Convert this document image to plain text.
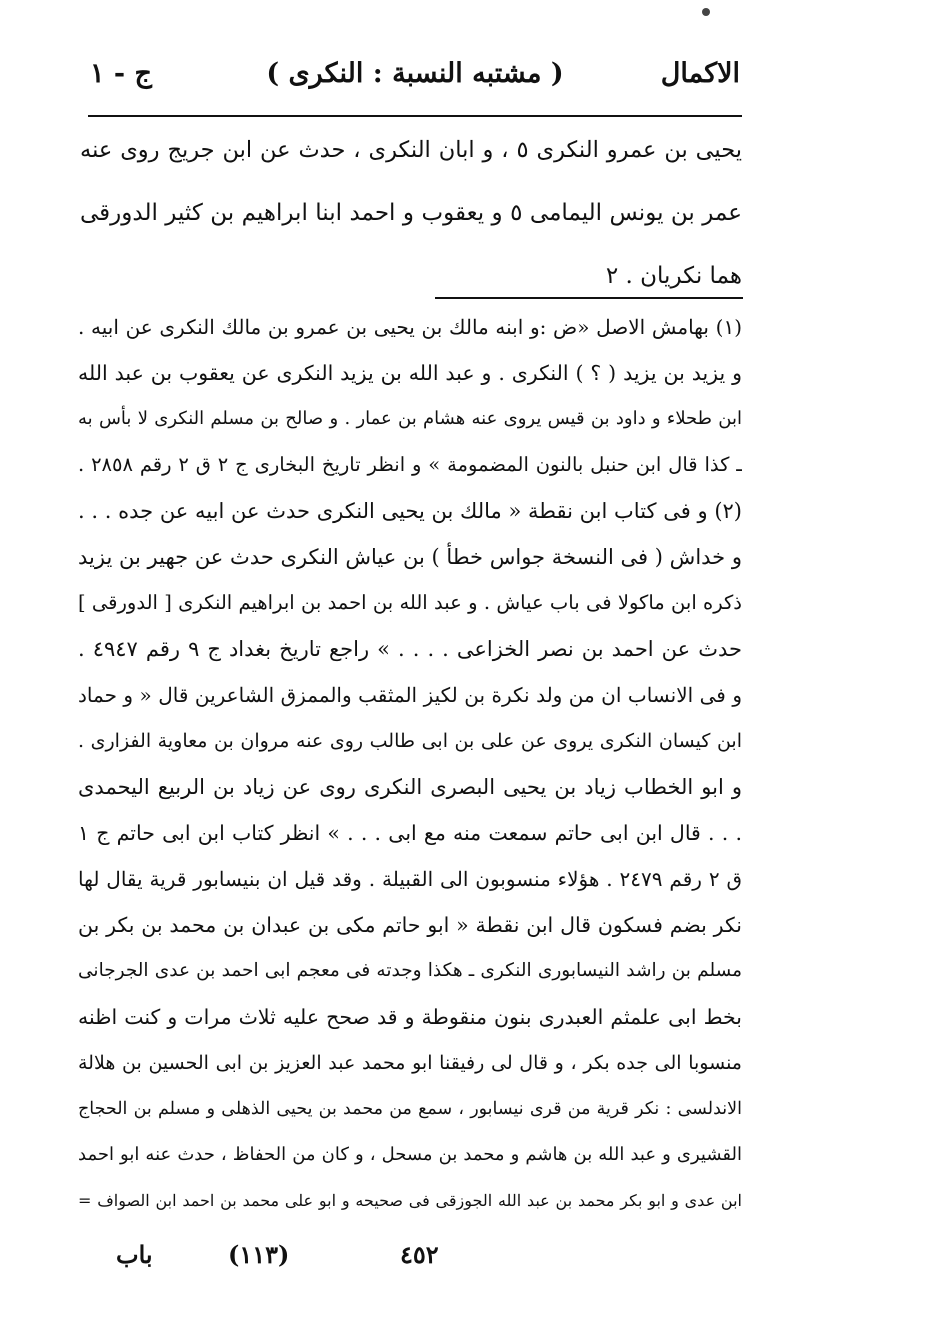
الاكمال
( مشتبه النسبة : النكرى )
ج - ١
يحيى بن عمرو النكرى ٥ ، و ابان النكرى ، حدث عن ابن جريج روى عنه
عمر بن يونس اليمامى ٥ و يعقوب و احمد ابنا ابراهيم بن كثير الدورقى
هما نكريان . ٢
(١) بهامش الاصل «ض :و ابنه مالك بن يحيى بن عمرو بن مالك النكرى عن ابيه .
و يزيد بن يزيد ( ؟ ) النكرى . و عبد الله بن يزيد النكرى عن يعقوب بن عبد الله
ابن طحلاء و داود بن قيس يروى عنه هشام بن عمار . و صالح بن مسلم النكرى لا بأس به
ـ كذا قال ابن حنبل بالنون المضمومة » و انظر تاريخ البخارى ج ٢ ق ٢ رقم ٢٨٥٨ .
(٢) و فى كتاب ابن نقطة « مالك بن يحيى النكرى حدث عن ابيه عن جده . . .
و خداش ( فى النسخة جواس خطأ ) بن عياش النكرى حدث عن جهير بن يزيد
ذكره ابن ماكولا فى باب عياش . و عبد الله بن احمد بن ابراهيم النكرى [ الدورقى ]
حدث عن احمد بن نصر الخزاعى . . . . » راجع تاريخ بغداد ج ٩ رقم ٤٩٤٧ .
و فى الانساب ان من ولد نكرة بن لكيز المثقب والممزق الشاعرين قال « و حماد
ابن كيسان النكرى يروى عن على بن ابى طالب روى عنه مروان بن معاوية الفزارى .
و ابو الخطاب زياد بن يحيى البصرى النكرى روى عن زياد بن الربيع اليحمدى
. . . قال ابن ابى حاتم سمعت منه مع ابى . . . » انظر كتاب ابن ابى حاتم ج ١
ق ٢ رقم ٢٤٧٩ . هؤلاء منسوبون الى القبيلة . وقد قيل ان بنيسابور قرية يقال لها
نكر بضم فسكون قال ابن نقطة « ابو حاتم مكى بن عبدان بن محمد بن بكر بن
مسلم بن راشد النيسابورى النكرى ـ هكذا وجدته فى معجم ابى احمد بن عدى الجرجانى
بخط ابى علمثم العبدرى بنون منقوطة و قد صحح عليه ثلاث مرات و كنت اظنه
منسوبا الى جده بكر ، و قال لى رفيقنا ابو محمد عبد العزيز بن ابى الحسين بن هلالة
الاندلسى : نكر قرية من قرى نيسابور ، سمع من محمد بن يحيى الذهلى و مسلم بن الحجاج
القشيرى و عبد الله بن هاشم و محمد بن مسحل ، و كان من الحفاظ ، حدث عنه ابو احمد
ابن عدى و ابو بكر محمد بن عبد الله الجوزقى فى صحيحه و ابو على محمد بن احمد ابن الصواف =
باب	(١١٣)	٤٥٢
